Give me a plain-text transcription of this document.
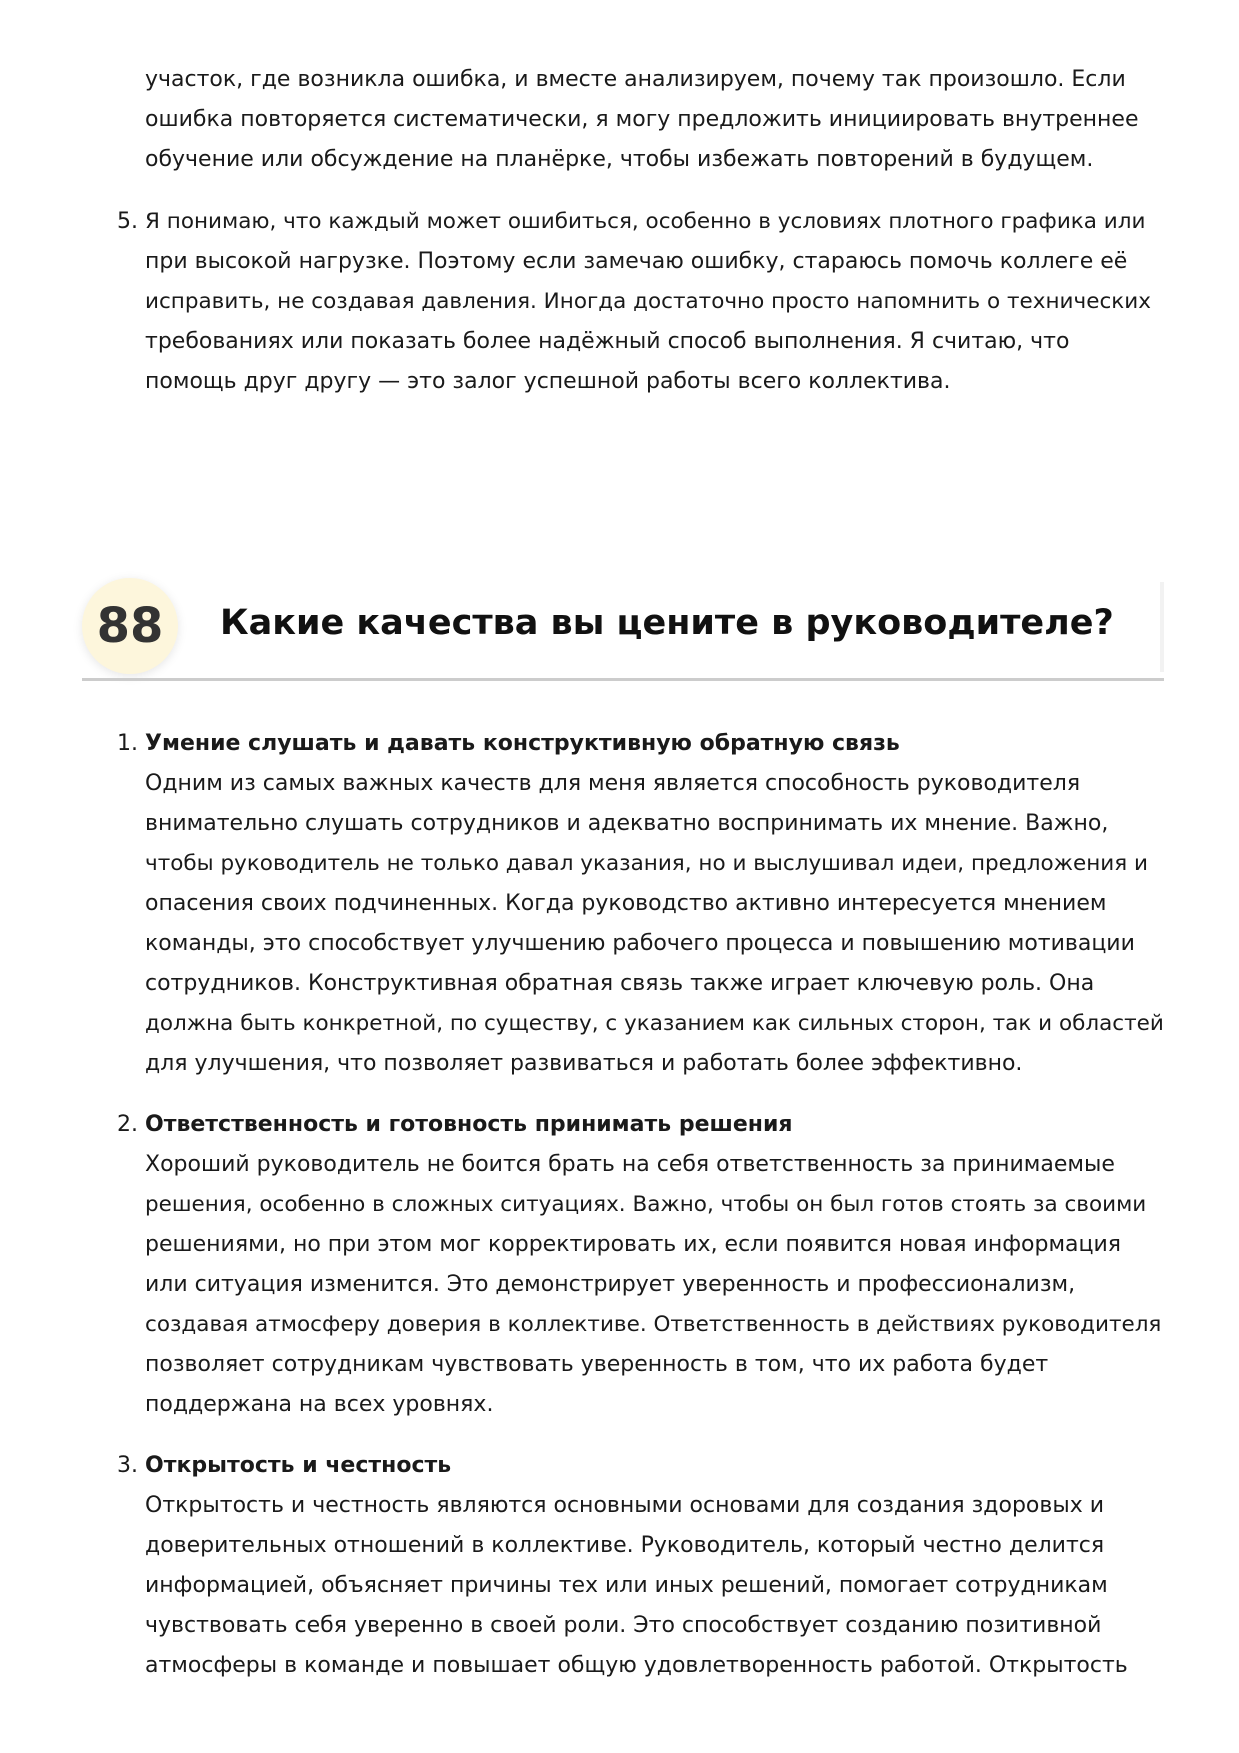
участок, где возникла ошибка, и вместе анализируем, почему так произошло. Если
ошибка повторяется систематически, я могу предложить инициировать внутреннее
обучение или обсуждение на планёрке, чтобы избежать повторений в будущем.
5. Я понимаю, что каждый может ошибиться, особенно в условиях плотного графика или
при высокой нагрузке. Поэтому если замечаю ошибку, стараюсь помочь коллеге её
исправить, не создавая давления. Иногда достаточно просто напомнить о технических
требованиях или показать более надёжный способ выполнения. Я считаю, что
помощь друг другу — это залог успешной работы всего коллектива.
88	Какие качества вы цените в руководителе?
1. Умение слушать и давать конструктивную обратную связь
Одним из самых важных качеств для меня является способность руководителя
внимательно слушать сотрудников и адекватно воспринимать их мнение. Важно,
чтобы руководитель не только давал указания, но и выслушивал идеи, предложения и
опасения своих подчиненных. Когда руководство активно интересуется мнением
команды, это способствует улучшению рабочего процесса и повышению мотивации
сотрудников. Конструктивная обратная связь также играет ключевую роль. Она
должна быть конкретной, по существу, с указанием как сильных сторон, так и областей
для улучшения, что позволяет развиваться и работать более эффективно.
2. Ответственность и готовность принимать решения
Хороший руководитель не боится брать на себя ответственность за принимаемые
решения, особенно в сложных ситуациях. Важно, чтобы он был готов стоять за своими
решениями, но при этом мог корректировать их, если появится новая информация
или ситуация изменится. Это демонстрирует уверенность и профессионализм,
создавая атмосферу доверия в коллективе. Ответственность в действиях руководителя
позволяет сотрудникам чувствовать уверенность в том, что их работа будет
поддержана на всех уровнях.
3. Открытость и честность
Открытость и честность являются основными основами для создания здоровых и
доверительных отношений в коллективе. Руководитель, который честно делится
информацией, объясняет причины тех или иных решений, помогает сотрудникам
чувствовать себя уверенно в своей роли. Это способствует созданию позитивной
атмосферы в команде и повышает общую удовлетворенность работой. Открытость
